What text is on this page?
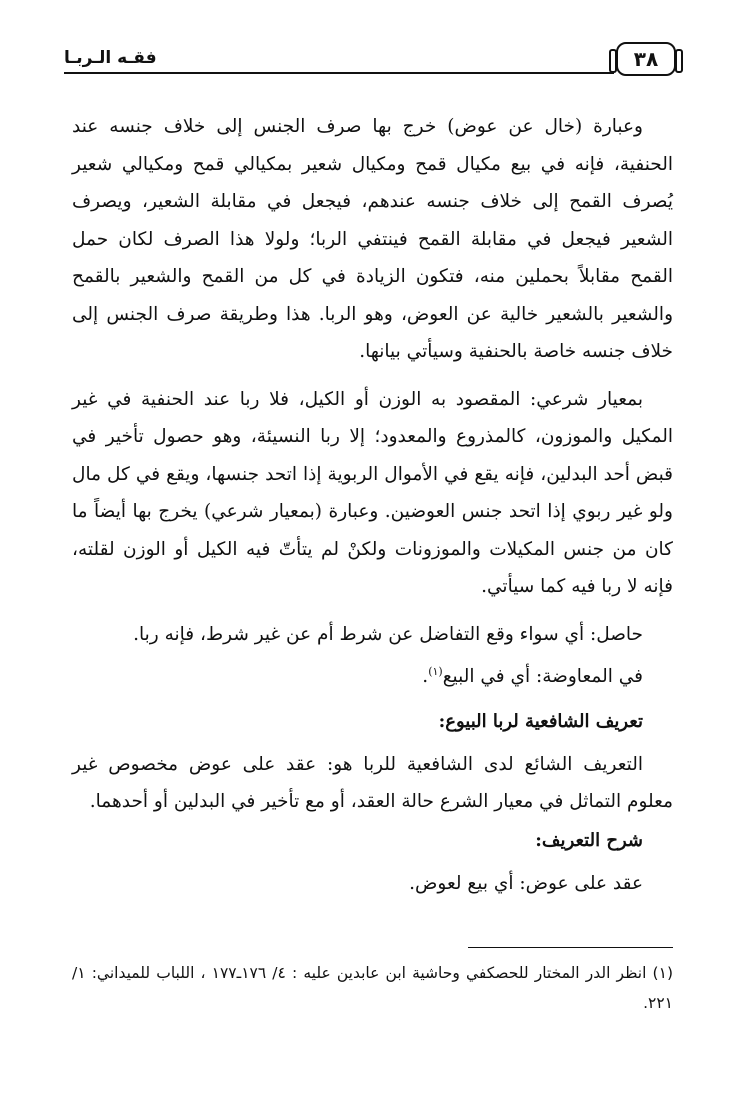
٣٨
فقـه الـربـا

وعبارة (خال عن عوض) خرج بها صرف الجنس إلى خلاف جنسه عند الحنفية، فإنه في بيع مكيال قمح ومكيال شعير بمكيالي قمح ومكيالي شعير يُصرف القمح إلى خلاف جنسه عندهم، فيجعل في مقابلة الشعير، ويصرف الشعير فيجعل في مقابلة القمح فينتفي الربا؛ ولولا هذا الصرف لكان حمل القمح مقابلاً بحملين منه، فتكون الزيادة في كل من القمح والشعير بالقمح والشعير بالشعير خالية عن العوض، وهو الربا. هذا وطريقة صرف الجنس إلى خلاف جنسه خاصة بالحنفية وسيأتي بيانها.

بمعيار شرعي: المقصود به الوزن أو الكيل، فلا ربا عند الحنفية في غير المكيل والموزون، كالمذروع والمعدود؛ إلا ربا النسيئة، وهو حصول تأخير في قبض أحد البدلين، فإنه يقع في الأموال الربوية إذا اتحد جنسها، ويقع في كل مال ولو غير ربوي إذا اتحد جنس العوضين. وعبارة (بمعيار شرعي) يخرج بها أيضاً ما كان من جنس المكيلات والموزونات ولكنْ لم يتأتّ فيه الكيل أو الوزن لقلته، فإنه لا ربا فيه كما سيأتي.

حاصل: أي سواء وقع التفاضل عن شرط أم عن غير شرط، فإنه ربا.

في المعاوضة: أي في البيع$^{(١)}$.

تعريف الشافعية لربا البيوع:

التعريف الشائع لدى الشافعية للربا هو: عقد على عوض مخصوص غير معلوم التماثل في معيار الشرع حالة العقد، أو مع تأخير في البدلين أو أحدهما.

شرح التعريف:

عقد على عوض: أي بيع لعوض.

(١) انظر الدر المختار للحصكفي وحاشية ابن عابدين عليه : ٤/ ١٧٦ـ١٧٧ ، اللباب للميداني: ١/ ٢٢١.
